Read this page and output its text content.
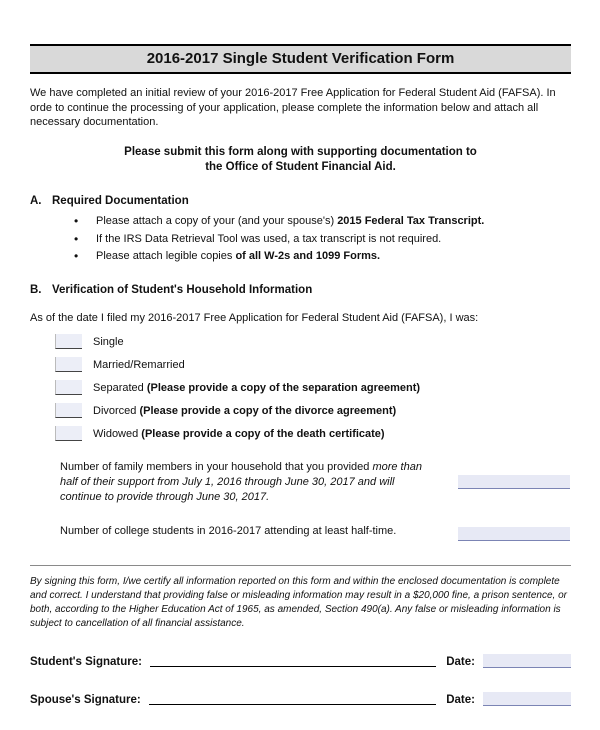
2016-2017 Single Student Verification Form

We have completed an initial review of your 2016-2017 Free Application for Federal Student Aid (FAFSA). In orde to continue the processing of your application, please complete the information below and attach all necessary documentation.

Please submit this form along with supporting documentation to
the Office of Student Financial Aid.
A. Required Documentation
• Please attach a copy of your (and your spouse's) 2015 Federal Tax Transcript.
• If the IRS Data Retrieval Tool was used, a tax transcript is not required.
• Please attach legible copies of all W-2s and 1099 Forms.
B. Verification of Student's Household Information

As of the date I filed my 2016-2017 Free Application for Federal Student Aid (FAFSA), I was:

Single
Married/Remarried
Separated (Please provide a copy of the separation agreement)
Divorced (Please provide a copy of the divorce agreement)
Widowed (Please provide a copy of the death certificate)
Number of family members in your household that you provided more than half of their support from July 1, 2016 through June 30, 2017 and will continue to provide through June 30, 2017.
Number of college students in 2016-2017 attending at least half-time.

By signing this form, I/we certify all information reported on this form and within the enclosed documentation is complete and correct. I understand that providing false or misleading information may result in a $20,000 fine, a prison sentence, or both, according to the Higher Education Act of 1965, as amended, Section 490(a). Any false or misleading information is subject to cancellation of all financial assistance.

Student's Signature:	Date:
Spouse's Signature:	Date:
